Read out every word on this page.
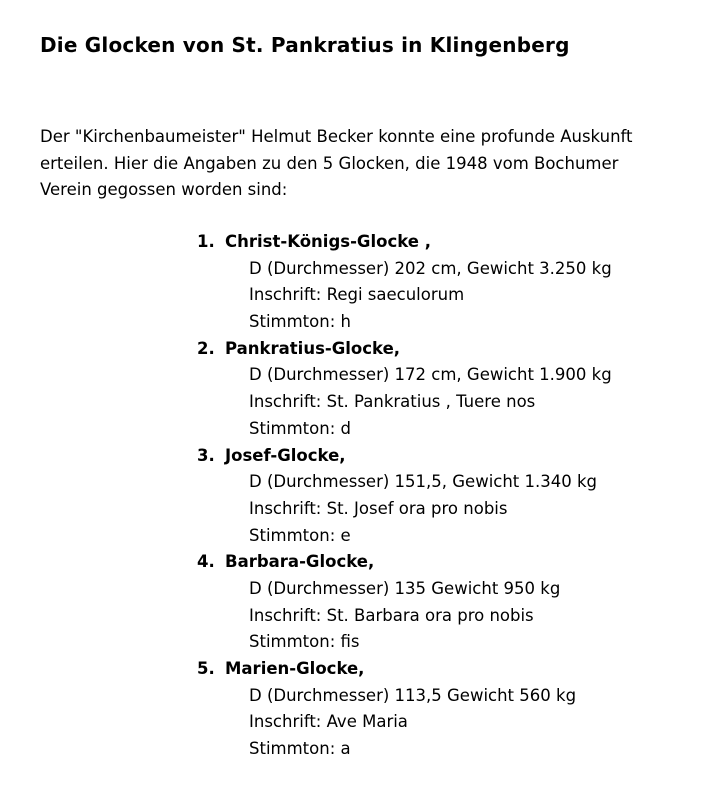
Die Glocken von St. Pankratius in Klingenberg
Der "Kirchenbaumeister" Helmut Becker konnte eine profunde Auskunft
erteilen. Hier die Angaben zu den 5 Glocken, die 1948 vom Bochumer
Verein gegossen worden sind:
1. Christ-Königs-Glocke ,
D (Durchmesser) 202 cm, Gewicht 3.250 kg
Inschrift: Regi saeculorum
Stimmton: h
2. Pankratius-Glocke,
D (Durchmesser) 172 cm, Gewicht 1.900 kg
Inschrift: St. Pankratius , Tuere nos
Stimmton: d
3. Josef-Glocke,
D (Durchmesser) 151,5, Gewicht 1.340 kg
Inschrift: St. Josef ora pro nobis
Stimmton: e
4. Barbara-Glocke,
D (Durchmesser) 135 Gewicht 950 kg
Inschrift: St. Barbara ora pro nobis
Stimmton: fis
5. Marien-Glocke,
D (Durchmesser) 113,5 Gewicht 560 kg
Inschrift: Ave Maria
Stimmton: a
